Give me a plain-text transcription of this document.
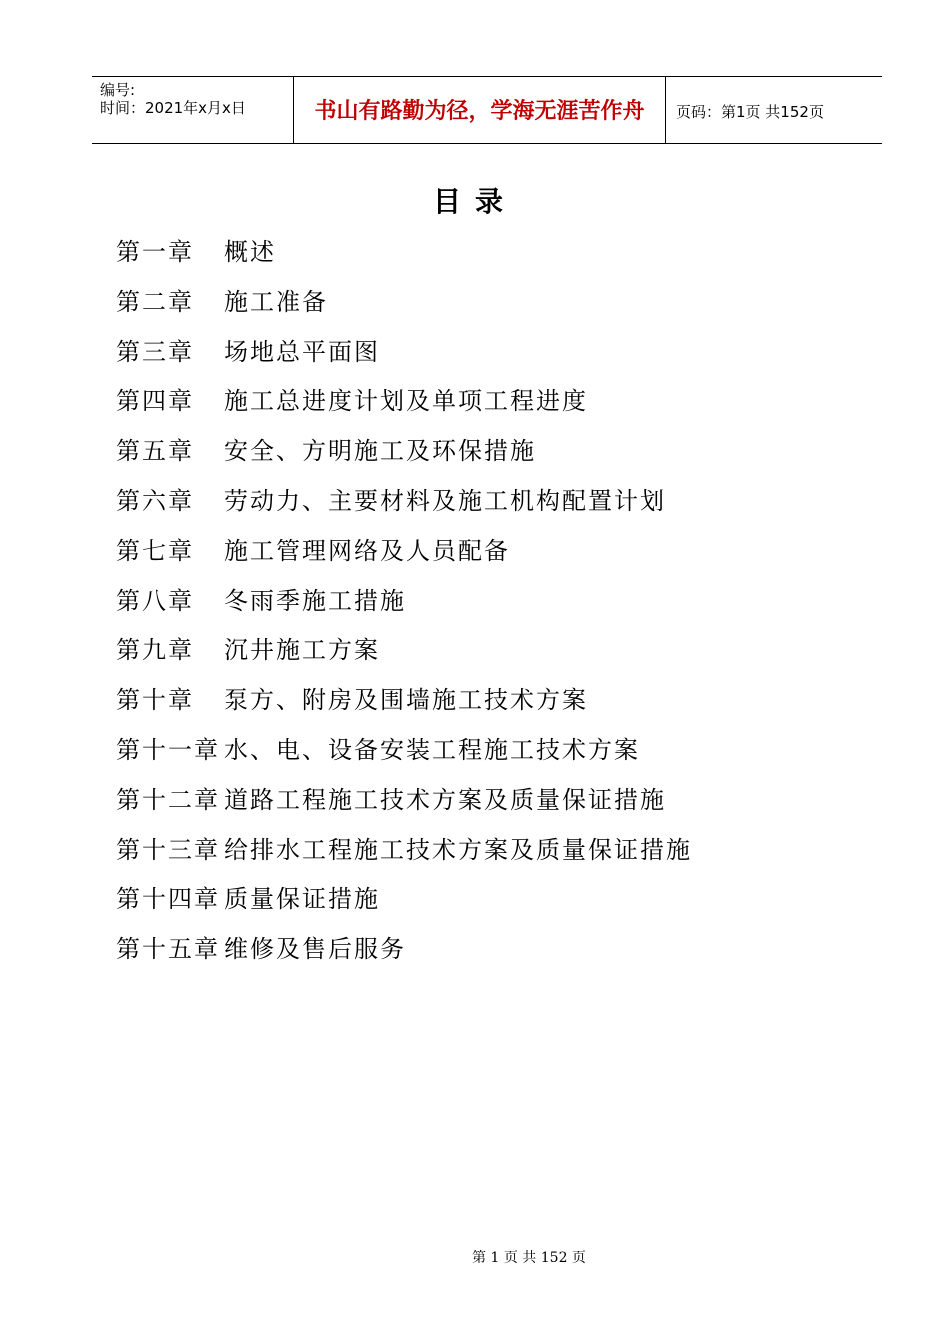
编号:
时间：2021年x月x日	书山有路勤为径，学海无涯苦作舟	页码：第1页 共152页
目录
第一章 概述
第二章 施工准备
第三章 场地总平面图
第四章 施工总进度计划及单项工程进度
第五章 安全、方明施工及环保措施
第六章 劳动力、主要材料及施工机构配置计划
第七章 施工管理网络及人员配备
第八章 冬雨季施工措施
第九章 沉井施工方案
第十章 泵方、附房及围墙施工技术方案
第十一章 水、电、设备安装工程施工技术方案
第十二章 道路工程施工技术方案及质量保证措施
第十三章 给排水工程施工技术方案及质量保证措施
第十四章 质量保证措施
第十五章 维修及售后服务
第 1 页 共 152 页
